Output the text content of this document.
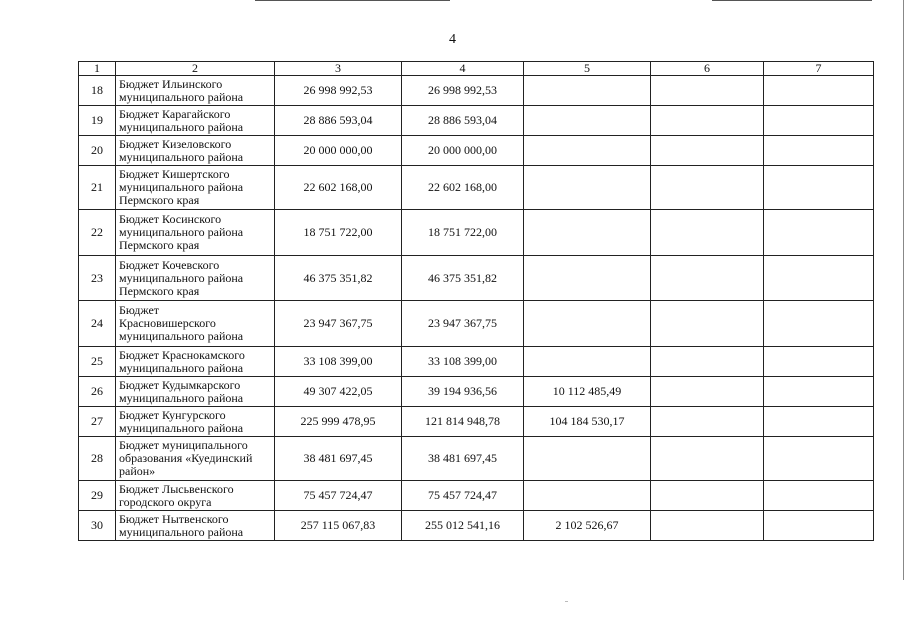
4
1	2	3	4	5	6	7
18	Бюджет Ильинского
муниципального района	26 998 992,53	26 998 992,53			
19	Бюджет Карагайского
муниципального района	28 886 593,04	28 886 593,04			
20	Бюджет Кизеловского
муниципального района	20 000 000,00	20 000 000,00			
21	Бюджет Кишертского
муниципального района
Пермского края	22 602 168,00	22 602 168,00			
22	Бюджет Косинского
муниципального района
Пермского края	18 751 722,00	18 751 722,00			
23	Бюджет Кочевского
муниципального района
Пермского края	46 375 351,82	46 375 351,82			
24	Бюджет
Красновишерского
муниципального района	23 947 367,75	23 947 367,75			
25	Бюджет Краснокамского
муниципального района	33 108 399,00	33 108 399,00			
26	Бюджет Кудымкарского
муниципального района	49 307 422,05	39 194 936,56	10 112 485,49		
27	Бюджет Кунгурского
муниципального района	225 999 478,95	121 814 948,78	104 184 530,17		
28	Бюджет муниципального
образования «Куединский
район»	38 481 697,45	38 481 697,45			
29	Бюджет Лысьвенского
городского округа	75 457 724,47	75 457 724,47			
30	Бюджет Нытвенского
муниципального района	257 115 067,83	255 012 541,16	2 102 526,67		
